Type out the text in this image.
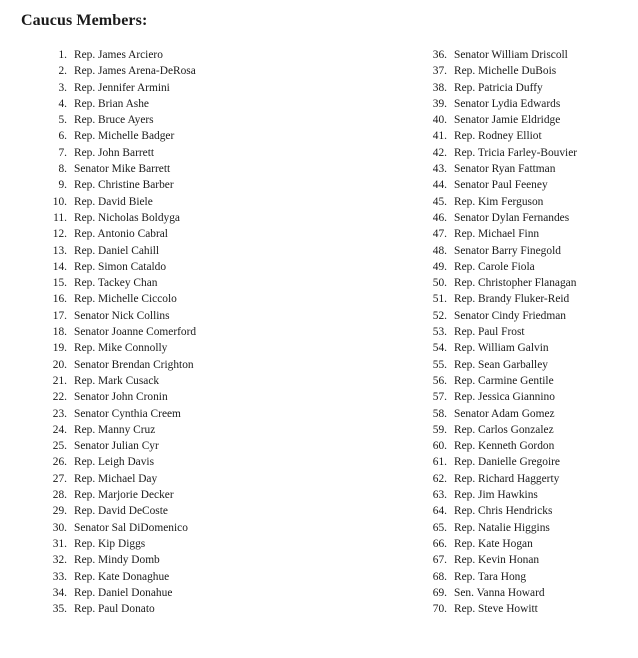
Caucus Members:
1. Rep. James Arciero
2. Rep. James Arena-DeRosa
3. Rep. Jennifer Armini
4. Rep. Brian Ashe
5. Rep. Bruce Ayers
6. Rep. Michelle Badger
7. Rep. John Barrett
8. Senator Mike Barrett
9. Rep. Christine Barber
10. Rep. David Biele
11. Rep. Nicholas Boldyga
12. Rep. Antonio Cabral
13. Rep. Daniel Cahill
14. Rep. Simon Cataldo
15. Rep. Tackey Chan
16. Rep. Michelle Ciccolo
17. Senator Nick Collins
18. Senator Joanne Comerford
19. Rep. Mike Connolly
20. Senator Brendan Crighton
21. Rep. Mark Cusack
22. Senator John Cronin
23. Senator Cynthia Creem
24. Rep. Manny Cruz
25. Senator Julian Cyr
26. Rep. Leigh Davis
27. Rep. Michael Day
28. Rep. Marjorie Decker
29. Rep. David DeCoste
30. Senator Sal DiDomenico
31. Rep. Kip Diggs
32. Rep. Mindy Domb
33. Rep. Kate Donaghue
34. Rep. Daniel Donahue
35. Rep. Paul Donato
36. Senator William Driscoll
37. Rep. Michelle DuBois
38. Rep. Patricia Duffy
39. Senator Lydia Edwards
40. Senator Jamie Eldridge
41. Rep. Rodney Elliot
42. Rep. Tricia Farley-Bouvier
43. Senator Ryan Fattman
44. Senator Paul Feeney
45. Rep. Kim Ferguson
46. Senator Dylan Fernandes
47. Rep. Michael Finn
48. Senator Barry Finegold
49. Rep. Carole Fiola
50. Rep. Christopher Flanagan
51. Rep. Brandy Fluker-Reid
52. Senator Cindy Friedman
53. Rep. Paul Frost
54. Rep. William Galvin
55. Rep. Sean Garballey
56. Rep. Carmine Gentile
57. Rep. Jessica Giannino
58. Senator Adam Gomez
59. Rep. Carlos Gonzalez
60. Rep. Kenneth Gordon
61. Rep. Danielle Gregoire
62. Rep. Richard Haggerty
63. Rep. Jim Hawkins
64. Rep. Chris Hendricks
65. Rep. Natalie Higgins
66. Rep. Kate Hogan
67. Rep. Kevin Honan
68. Rep. Tara Hong
69. Sen. Vanna Howard
70. Rep. Steve Howitt
